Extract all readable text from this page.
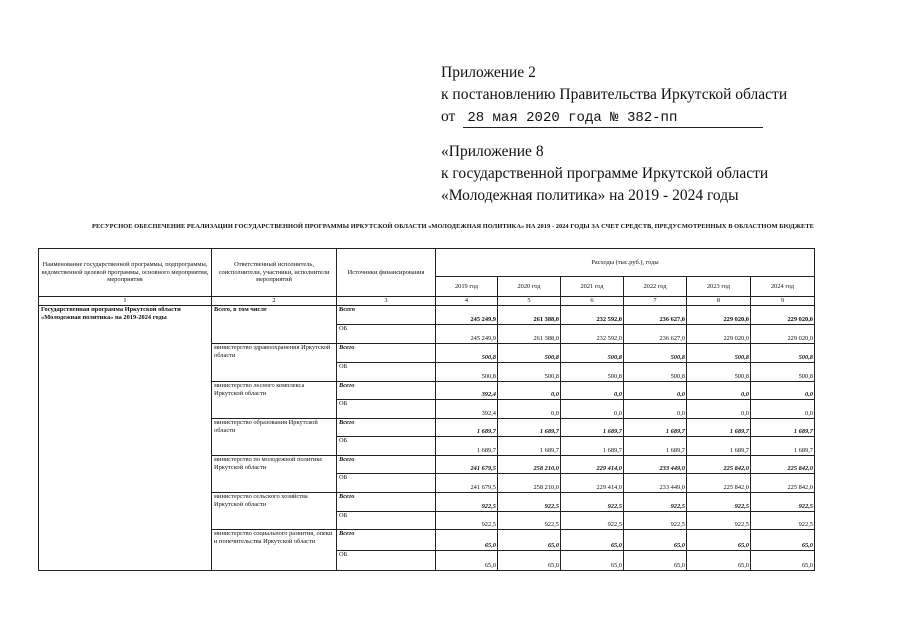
Приложение 2
к постановлению Правительства Иркутской области
от 28 мая 2020 года № 382-пп
«Приложение 8
к государственной программе Иркутской области
«Молодежная политика» на 2019 - 2024 годы
РЕСУРСНОЕ ОБЕСПЕЧЕНИЕ РЕАЛИЗАЦИИ ГОСУДАРСТВЕННОЙ ПРОГРАММЫ ИРКУТСКОЙ ОБЛАСТИ «МОЛОДЕЖНАЯ ПОЛИТИКА» НА 2019 - 2024 ГОДЫ ЗА СЧЕТ СРЕДСТВ, ПРЕДУСМОТРЕННЫХ В ОБЛАСТНОМ БЮДЖЕТЕ
Наименование государственной программы, подпрограммы, ведомственной целевой программы, основного мероприятия, мероприятия	Ответственный исполнитель, соисполнители, участники, исполнители мероприятий	Источники финансирования	Расходы (тыс.руб.), годы					
			2019 год	2020 год	2021 год	2022 год	2023 год	2024 год
1	2	3	4	5	6	7	8	9
Государственная программа Иркутской области «Молодежная политика» на 2019-2024 годы	Всего, в том числе	Всего	245 249,9	261 388,0	232 592,0	236 627,0	229 020,0	229 020,0
		ОБ	245 249,9	261 388,0	232 592,0	236 627,0	229 020,0	229 020,0
	министерство здравоохранения Иркутской области	Всего	500,8	500,8	500,8	500,8	500,8	500,8
		ОБ	500,8	500,8	500,8	500,8	500,8	500,8
	министерство лесного комплекса Иркутской области	Всего	392,4	0,0	0,0	0,0	0,0	0,0
		ОБ	392,4	0,0	0,0	0,0	0,0	0,0
	министерство образования Иркутской области	Всего	1 689,7	1 689,7	1 689,7	1 689,7	1 689,7	1 689,7
		ОБ	1 689,7	1 689,7	1 689,7	1 689,7	1 689,7	1 689,7
	министерство по молодежной политике Иркутской области	Всего	241 679,5	258 210,0	229 414,0	233 449,0	225 842,0	225 842,0
		ОБ	241 679,5	258 210,0	229 414,0	233 449,0	225 842,0	225 842,0
	министерство сельского хозяйства Иркутской области	Всего	922,5	922,5	922,5	922,5	922,5	922,5
		ОБ	922,5	922,5	922,5	922,5	922,5	922,5
	министерство социального развития, опеки и попечительства Иркутской области	Всего	65,0	65,0	65,0	65,0	65,0	65,0
		ОБ	65,0	65,0	65,0	65,0	65,0	65,0
